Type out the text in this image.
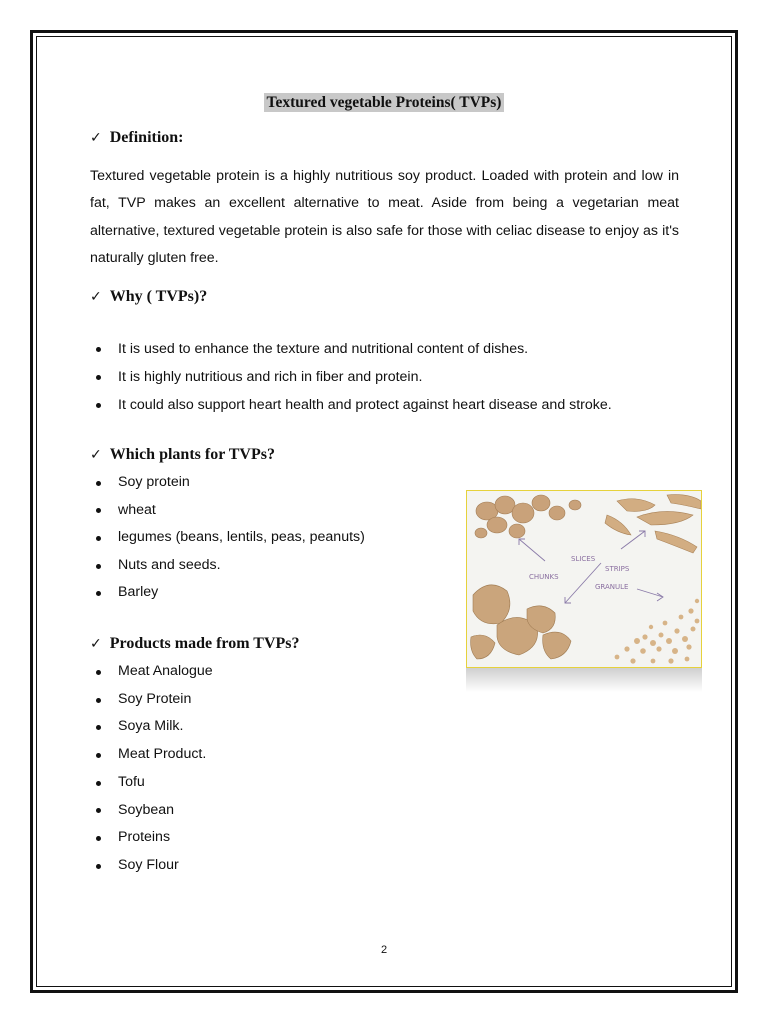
Textured vegetable Proteins( TVPs)
✓ Definition:
Textured vegetable protein is a highly nutritious soy product. Loaded with protein and low in fat, TVP makes an excellent alternative to meat. Aside from being a vegetarian meat alternative, textured vegetable protein is also safe for those with celiac disease to enjoy as it's naturally gluten free.
✓ Why ( TVPs)?
It is used to enhance the texture and nutritional content of dishes.
It is highly nutritious and rich in fiber and protein.
It could also support heart health and protect against heart disease and stroke.
✓ Which plants for TVPs?
Soy protein
wheat
legumes (beans, lentils, peas, peanuts)
Nuts and seeds.
Barley
✓ Products made from TVPs?
Meat Analogue
Soy Protein
Soya Milk.
Meat Product.
Tofu
Soybean
Proteins
Soy Flour
CHUNKS
SLICES
STRIPS
GRANULE
2
